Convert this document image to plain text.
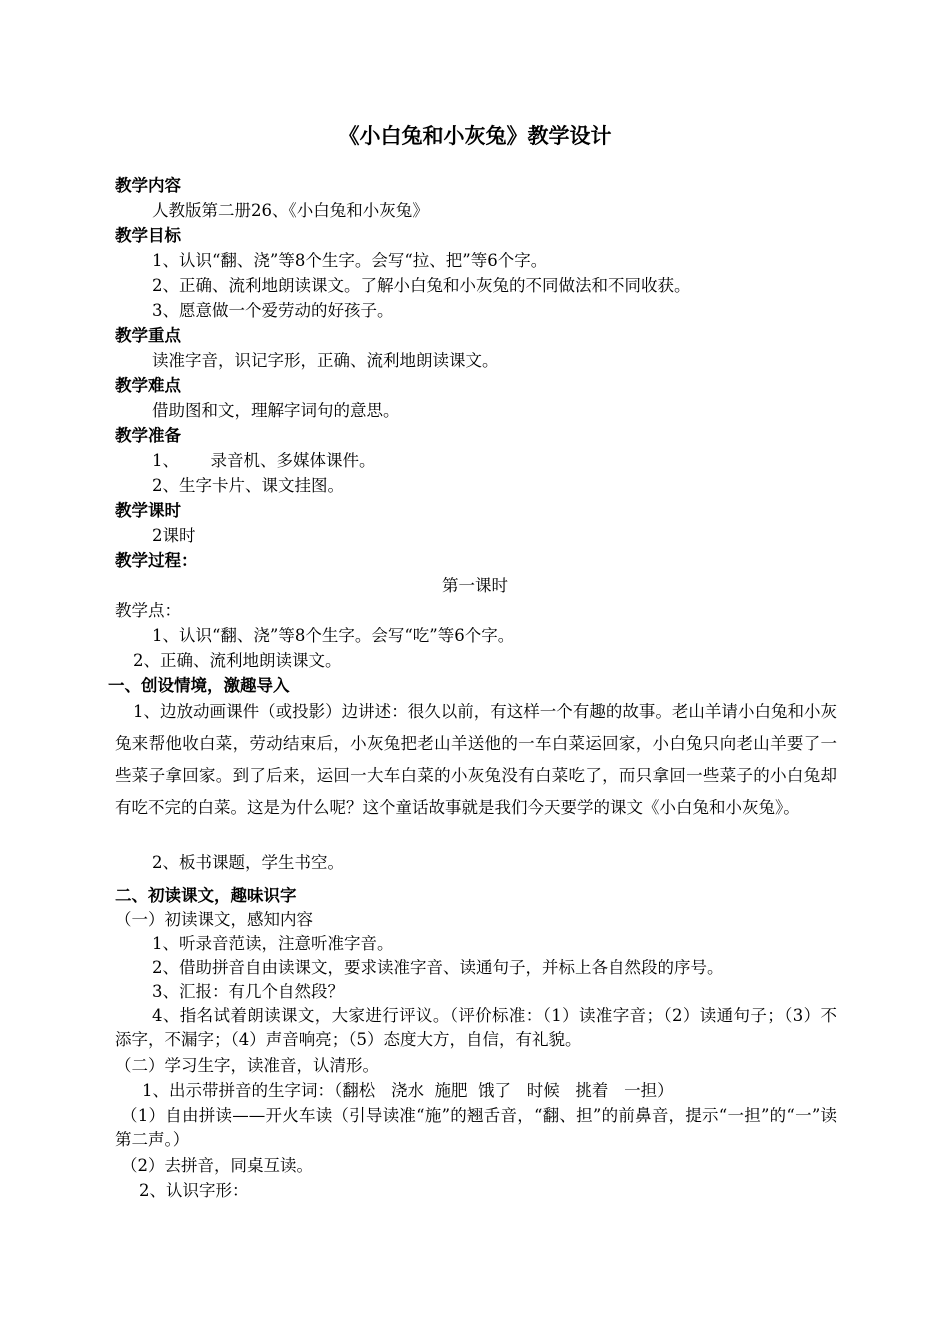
《小白兔和小灰兔》教学设计
教学内容
人教版第二册26、《小白兔和小灰兔》
教学目标
1、认识“翻、浇”等8个生字。会写“拉、把”等6个字。
2、正确、流利地朗读课文。了解小白兔和小灰兔的不同做法和不同收获。
3、愿意做一个爱劳动的好孩子。
教学重点
读准字音，识记字形，正确、流利地朗读课文。
教学难点
借助图和文，理解字词句的意思。
教学准备
1、      录音机、多媒体课件。
2、生字卡片、课文挂图。
教学课时
2课时
教学过程：
第一课时
教学点：
1、认识“翻、浇”等8个生字。会写“吃”等6个字。
2、正确、流利地朗读课文。
一、创设情境，激趣导入

1、边放动画课件（或投影）边讲述：很久以前，有这样一个有趣的故事。老山羊请小白兔和小灰兔来帮他收白菜，劳动结束后，小灰兔把老山羊送他的一车白菜运回家，小白兔只向老山羊要了一些菜子拿回家。到了后来，运回一大车白菜的小灰兔没有白菜吃了，而只拿回一些菜子的小白兔却有吃不完的白菜。这是为什么呢？这个童话故事就是我们今天要学的课文《小白兔和小灰兔》。

2、板书课题，学生书空。
二、初读课文，趣味识字
（一）初读课文，感知内容
1、听录音范读，注意听准字音。
2、借助拼音自由读课文，要求读准字音、读通句子，并标上各自然段的序号。
3、汇报：有几个自然段？
4、指名试着朗读课文，大家进行评议。（评价标准：（1）读准字音；（2）读通句子；（3）不添字，不漏字；（4）声音响亮；（5）态度大方，自信，有礼貌。
（二）学习生字，读准音，认清形。
1、出示带拼音的生字词：（翻松   浇水  施肥  饿了   时候   挑着   一担）
（1）自由拼读——开火车读（引导读准“施”的翘舌音，“翻、担”的前鼻音，提示“一担”的“一”读第二声。）
（2）去拼音，同桌互读。
2、认识字形：
